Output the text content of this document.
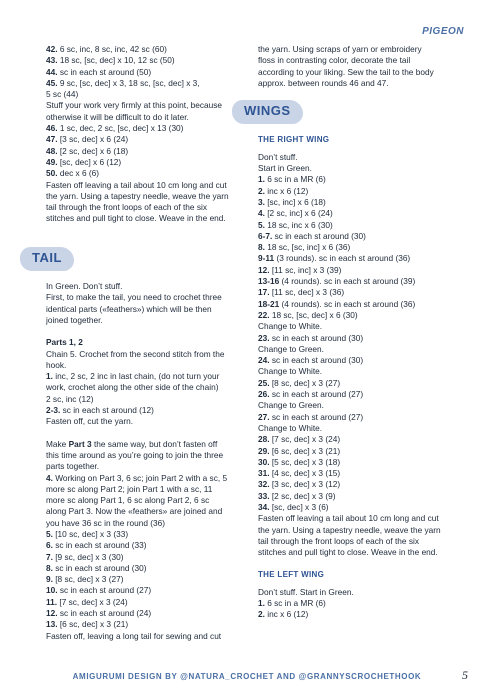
PIGEON
42. 6 sc, inc, 8 sc, inc, 42 sc (60)
43. 18 sc, [sc, dec] x 10, 12 sc (50)
44. sc in each st around (50)
45. 9 sc, [sc, dec] x 3, 18 sc, [sc, dec] x 3,
5 sc (44)
Stuff your work very firmly at this point, because
otherwise it will be difficult to do it later.
46. 1 sc, dec, 2 sc, [sc, dec] x 13 (30)
47. [3 sc, dec] x 6 (24)
48. [2 sc, dec] x 6 (18)
49. [sc, dec] x 6 (12)
50. dec x 6 (6)
Fasten off leaving a tail about 10 cm long and cut
the yarn. Using a tapestry needle, weave the yarn
tail through the front loops of each of the six
stitches and pull tight to close. Weave in the end.
TAIL
In Green. Don’t stuff.
First, to make the tail, you need to crochet three
identical parts («feathers») which will be then
joined together.
Parts 1, 2
Chain 5. Crochet from the second stitch from the
hook.
1. inc, 2 sc, 2 inc in last chain, (do not turn your
work, crochet along the other side of the chain)
2 sc, inc (12)
2-3. sc in each st around (12)
Fasten off, cut the yarn.
Make Part 3 the same way, but don’t fasten off
this time around as you’re going to join the three
parts together.
4. Working on Part 3, 6 sc; join Part 2 with a sc, 5
more sc along Part 2; join Part 1 with a sc, 11
more sc along Part 1, 6 sc along Part 2, 6 sc
along Part 3. Now the «feathers» are joined and
you have 36 sc in the round (36)
5. [10 sc, dec] x 3 (33)
6. sc in each st around (33)
7. [9 sc, dec] x 3 (30)
8. sc in each st around (30)
9. [8 sc, dec] x 3 (27)
10. sc in each st around (27)
11. [7 sc, dec] x 3 (24)
12. sc in each st around (24)
13. [6 sc, dec] x 3 (21)
Fasten off, leaving a long tail for sewing and cut
the yarn. Using scraps of yarn or embroidery
floss in contrasting color, decorate the tail
according to your liking. Sew the tail to the body
approx. between rounds 46 and 47.
WINGS
THE RIGHT WING
Don’t stuff.
Start in Green.
1. 6 sc in a MR (6)
2. inc x 6 (12)
3. [sc, inc] x 6 (18)
4. [2 sc, inc] x 6 (24)
5. 18 sc, inc x 6 (30)
6-7. sc in each st around (30)
8. 18 sc, [sc, inc] x 6 (36)
9-11 (3 rounds). sc in each st around (36)
12. [11 sc, inc] x 3 (39)
13-16 (4 rounds). sc in each st around (39)
17. [11 sc, dec] x 3 (36)
18-21 (4 rounds). sc in each st around (36)
22. 18 sc, [sc, dec] x 6 (30)
Change to White.
23. sc in each st around (30)
Change to Green.
24. sc in each st around (30)
Change to White.
25. [8 sc, dec] x 3 (27)
26. sc in each st around (27)
Change to Green.
27. sc in each st around (27)
Change to White.
28. [7 sc, dec] x 3 (24)
29. [6 sc, dec] x 3 (21)
30. [5 sc, dec] x 3 (18)
31. [4 sc, dec] x 3 (15)
32. [3 sc, dec] x 3 (12)
33. [2 sc, dec] x 3 (9)
34. [sc, dec] x 3 (6)
Fasten off leaving a tail about 10 cm long and cut
the yarn. Using a tapestry needle, weave the yarn
tail through the front loops of each of the six
stitches and pull tight to close. Weave in the end.
THE LEFT WING
Don’t stuff. Start in Green.
1. 6 sc in a MR (6)
2. inc x 6 (12)
AMIGURUMI DESIGN BY @NATURA_CROCHET AND @GRANNYSCROCHETHOOK	5
